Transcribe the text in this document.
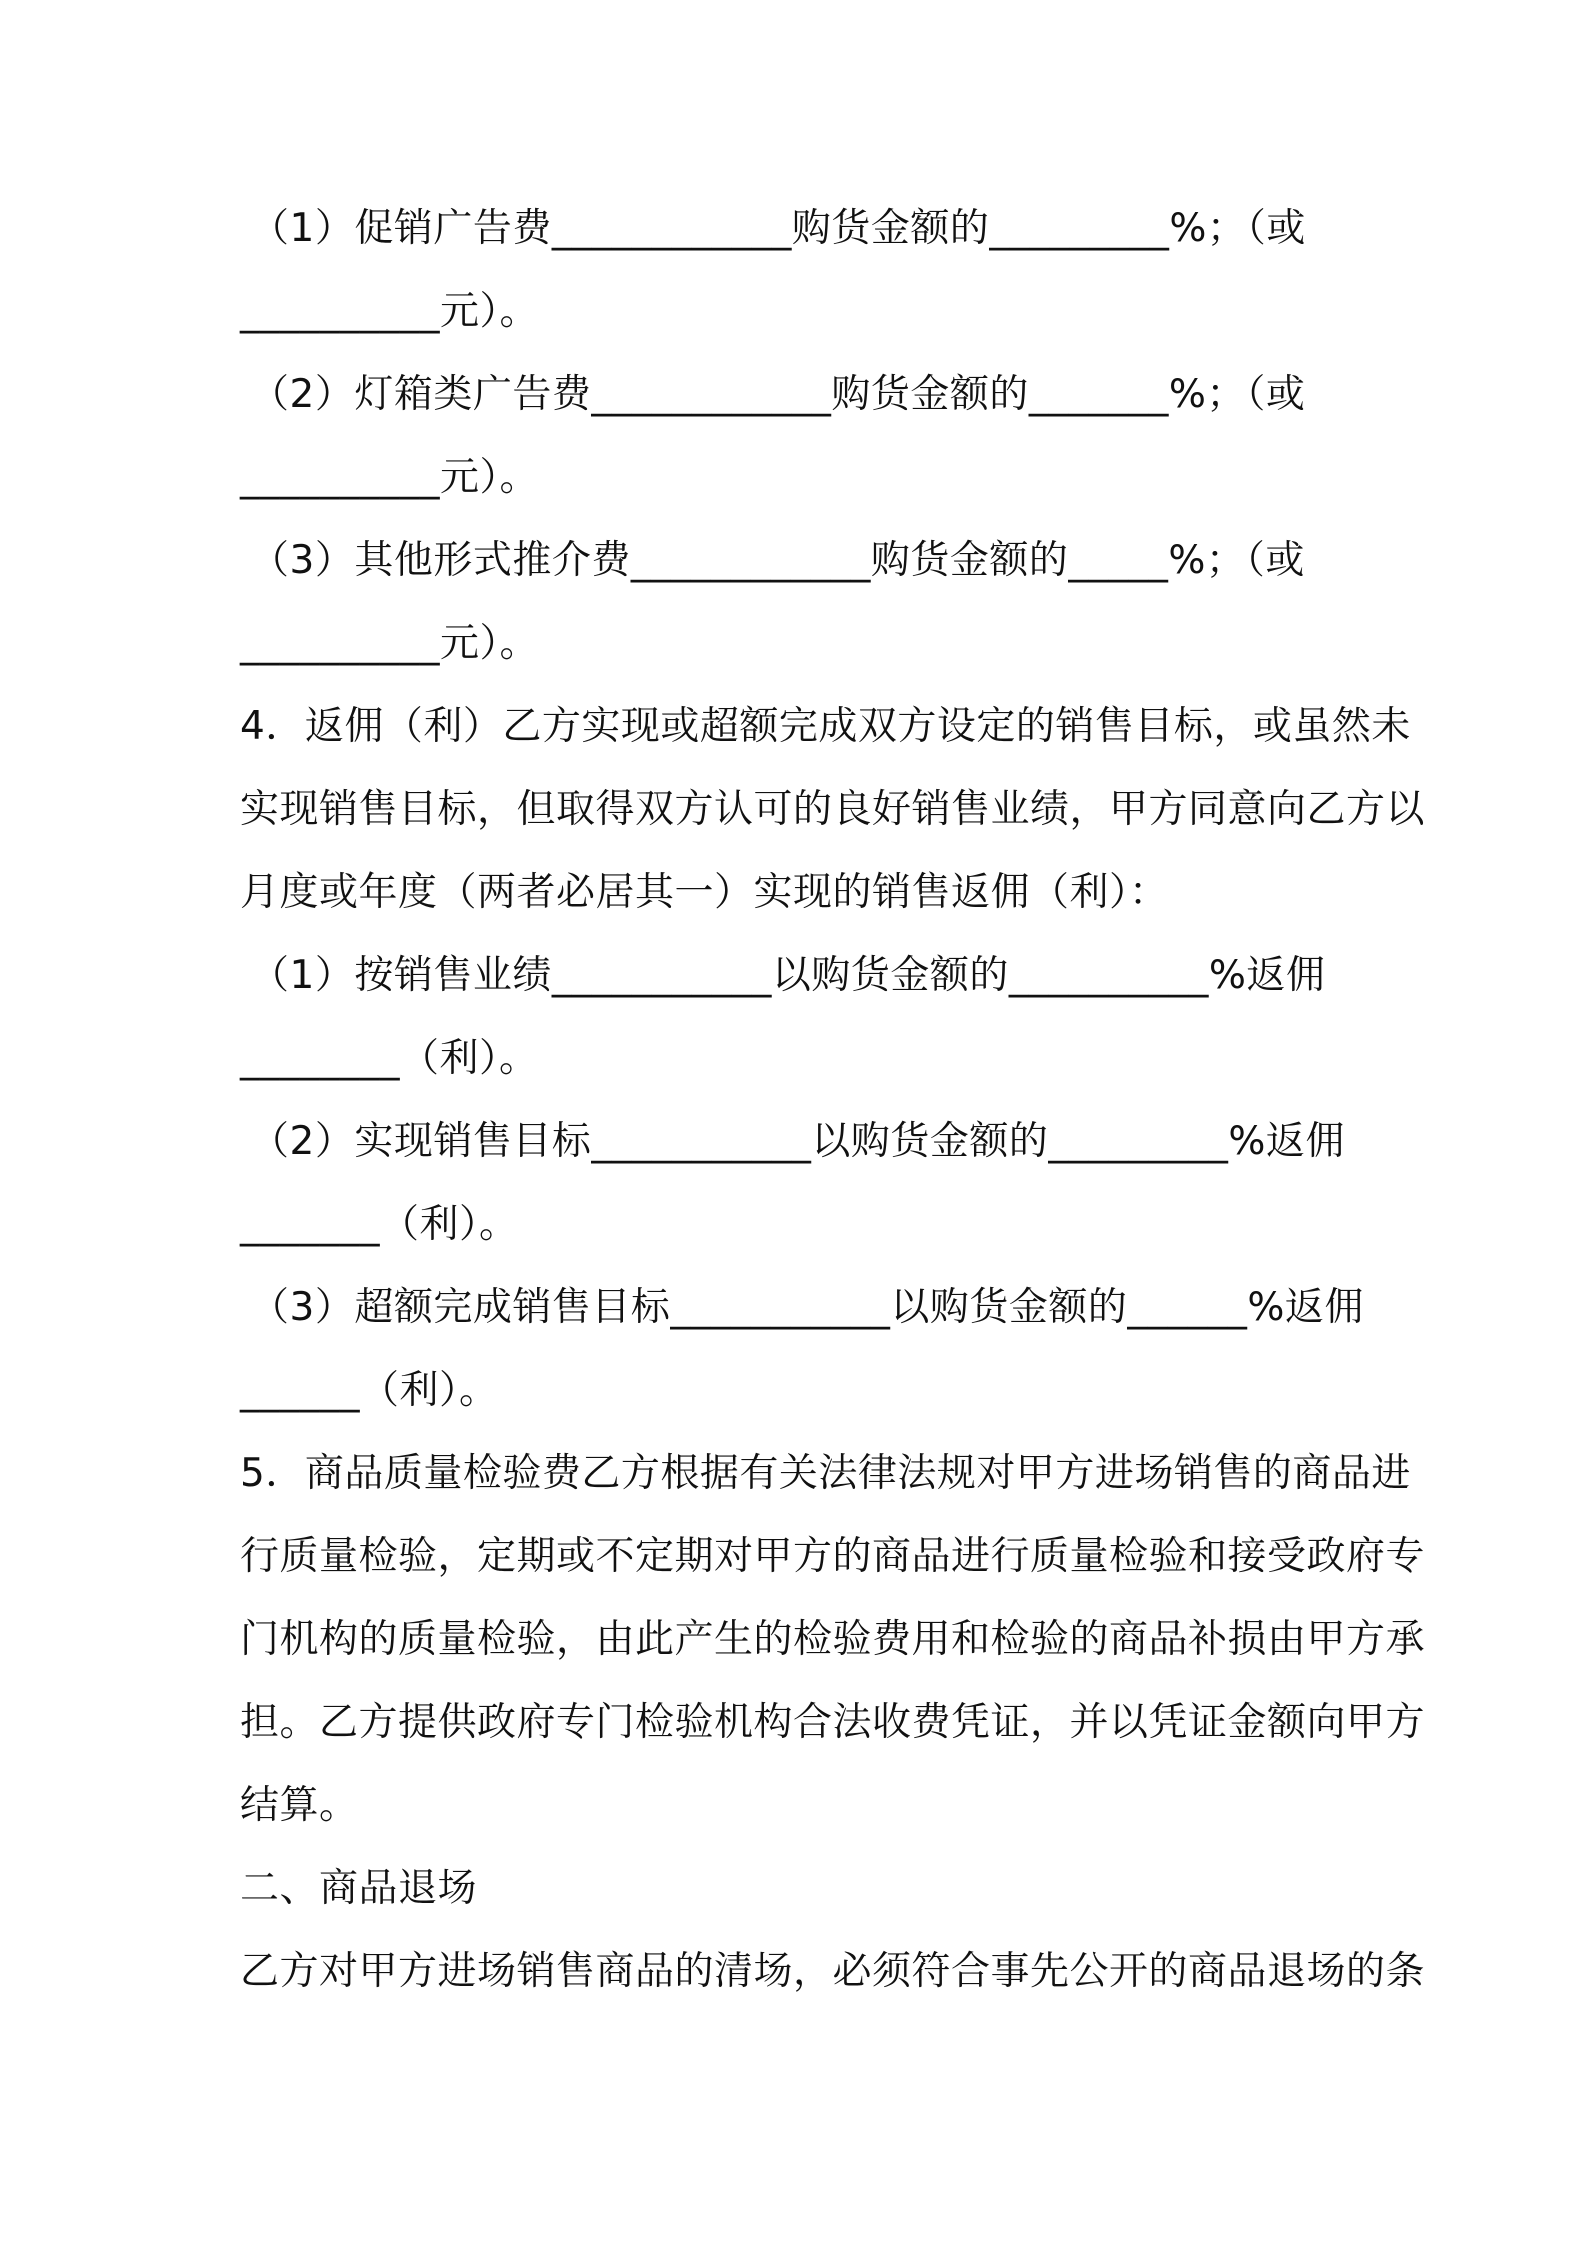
（1）促销广告费____________购货金额的_________%；（或
__________元）。
（2）灯箱类广告费____________购货金额的_______%；（或
__________元）。
（3）其他形式推介费____________购货金额的_____%；（或
__________元）。
4．返佣（利）乙方实现或超额完成双方设定的销售目标，或虽然未
实现销售目标，但取得双方认可的良好销售业绩，甲方同意向乙方以
月度或年度（两者必居其一）实现的销售返佣（利）：
（1）按销售业绩___________以购货金额的__________%返佣
________（利）。
（2）实现销售目标___________以购货金额的_________%返佣
_______（利）。
（3）超额完成销售目标___________以购货金额的______%返佣
______（利）。
5．商品质量检验费乙方根据有关法律法规对甲方进场销售的商品进
行质量检验，定期或不定期对甲方的商品进行质量检验和接受政府专
门机构的质量检验，由此产生的检验费用和检验的商品补损由甲方承
担。乙方提供政府专门检验机构合法收费凭证，并以凭证金额向甲方
结算。
二、商品退场
乙方对甲方进场销售商品的清场，必须符合事先公开的商品退场的条
